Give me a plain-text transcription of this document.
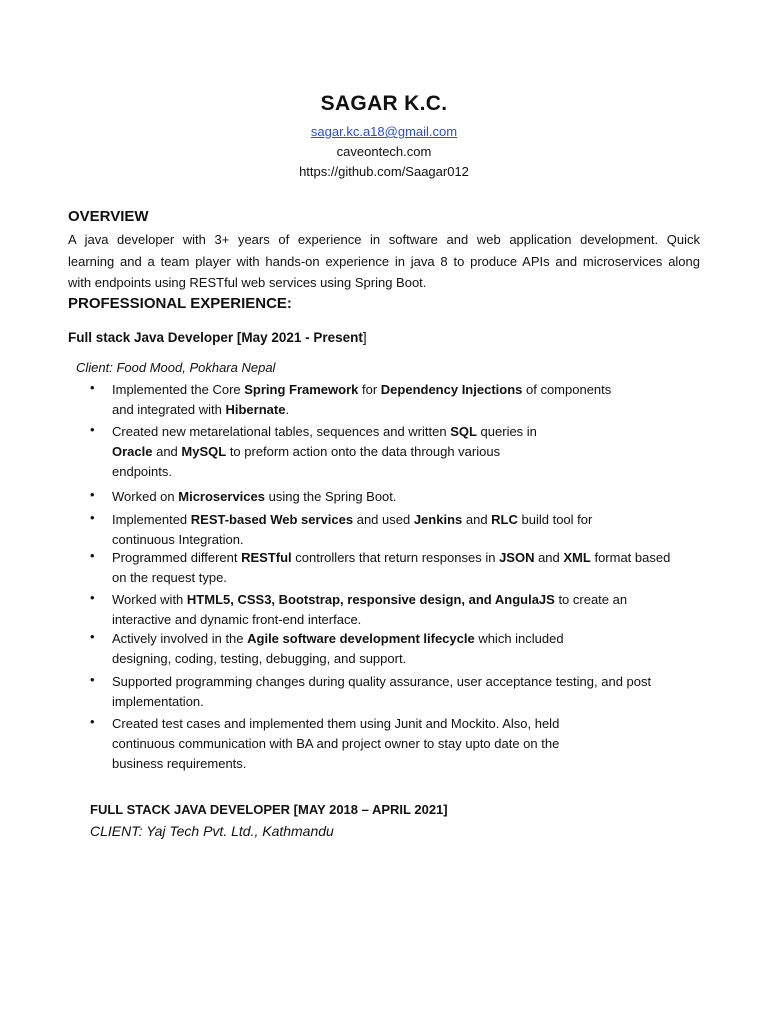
SAGAR K.C.
sagar.kc.a18@gmail.com
caveontech.com
https://github.com/Saagar012
OVERVIEW
A java developer with 3+ years of experience in software and web application development. Quick
learning and a team player with hands-on experience in java 8 to produce APIs and microservices along
with endpoints using RESTful web services using Spring Boot.
PROFESSIONAL EXPERIENCE:
Full stack Java Developer [May 2021 - Present]
Client: Food Mood, Pokhara Nepal
• Implemented the Core Spring Framework for Dependency Injections of components
and integrated with Hibernate.
• Created new metarelational tables, sequences and written SQL queries in
Oracle and MySQL to preform action onto the data through various
endpoints.
• Worked on Microservices using the Spring Boot.
• Implemented REST-based Web services and used Jenkins and RLC build tool for
continuous Integration.
• Programmed different RESTful controllers that return responses in JSON and XML format based
on the request type.
• Worked with HTML5, CSS3, Bootstrap, responsive design, and AngulaJS to create an
interactive and dynamic front-end interface.
• Actively involved in the Agile software development lifecycle which included
designing, coding, testing, debugging, and support.
• Supported programming changes during quality assurance, user acceptance testing, and post
implementation.
• Created test cases and implemented them using Junit and Mockito. Also, held
continuous communication with BA and project owner to stay upto date on the
business requirements.
FULL STACK JAVA DEVELOPER [MAY 2018 – APRIL 2021]
CLIENT: Yaj Tech Pvt. Ltd., Kathmandu
